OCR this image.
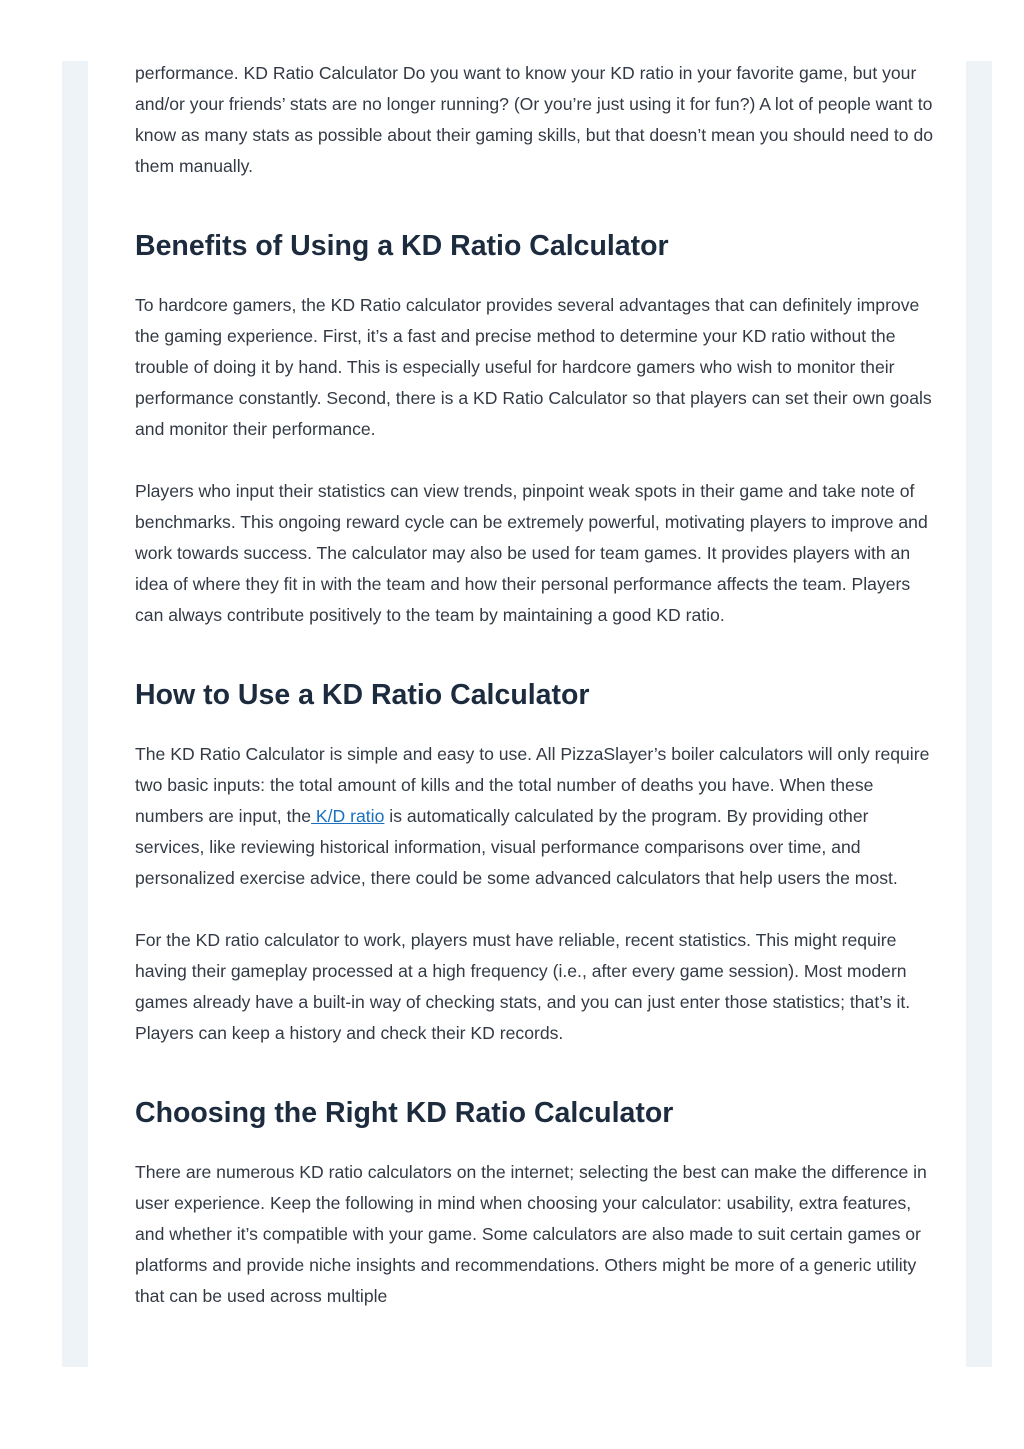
performance. KD Ratio Calculator Do you want to know your KD ratio in your favorite game, but your and/or your friends’ stats are no longer running? (Or you’re just using it for fun?) A lot of people want to know as many stats as possible about their gaming skills, but that doesn’t mean you should need to do them manually.

Benefits of Using a KD Ratio Calculator

To hardcore gamers, the KD Ratio calculator provides several advantages that can definitely improve the gaming experience. First, it’s a fast and precise method to determine your KD ratio without the trouble of doing it by hand. This is especially useful for hardcore gamers who wish to monitor their performance constantly. Second, there is a KD Ratio Calculator so that players can set their own goals and monitor their performance.

Players who input their statistics can view trends, pinpoint weak spots in their game and take note of benchmarks. This ongoing reward cycle can be extremely powerful, motivating players to improve and work towards success. The calculator may also be used for team games. It provides players with an idea of where they fit in with the team and how their personal performance affects the team. Players can always contribute positively to the team by maintaining a good KD ratio.

How to Use a KD Ratio Calculator

The KD Ratio Calculator is simple and easy to use. All PizzaSlayer’s boiler calculators will only require two basic inputs: the total amount of kills and the total number of deaths you have. When these numbers are input, the K/D ratio is automatically calculated by the program. By providing other services, like reviewing historical information, visual performance comparisons over time, and personalized exercise advice, there could be some advanced calculators that help users the most.

For the KD ratio calculator to work, players must have reliable, recent statistics. This might require having their gameplay processed at a high frequency (i.e., after every game session). Most modern games already have a built-in way of checking stats, and you can just enter those statistics; that’s it. Players can keep a history and check their KD records.

Choosing the Right KD Ratio Calculator

There are numerous KD ratio calculators on the internet; selecting the best can make the difference in user experience. Keep the following in mind when choosing your calculator: usability, extra features, and whether it’s compatible with your game. Some calculators are also made to suit certain games or platforms and provide niche insights and recommendations. Others might be more of a generic utility that can be used across multiple
